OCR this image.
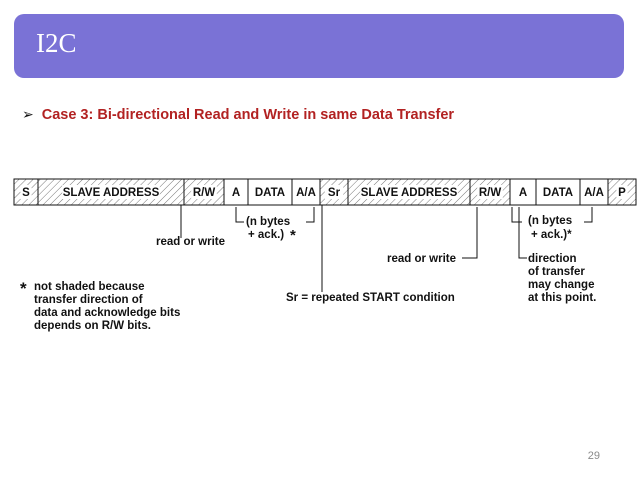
I2C
➢ Case 3: Bi-directional Read and Write in same Data Transfer
S	SLAVE ADDRESS	R/W A DATA A/A Sr SLAVE ADDRESS R/W A DATA A/A P
read or write
(n bytes
+ ack.) *
read or write
(n bytes
+ ack.)*
direction
of transfer
may change
at this point.
Sr = repeated START condition
* not shaded because
transfer direction of
data and acknowledge bits
depends on R/W bits.
29
